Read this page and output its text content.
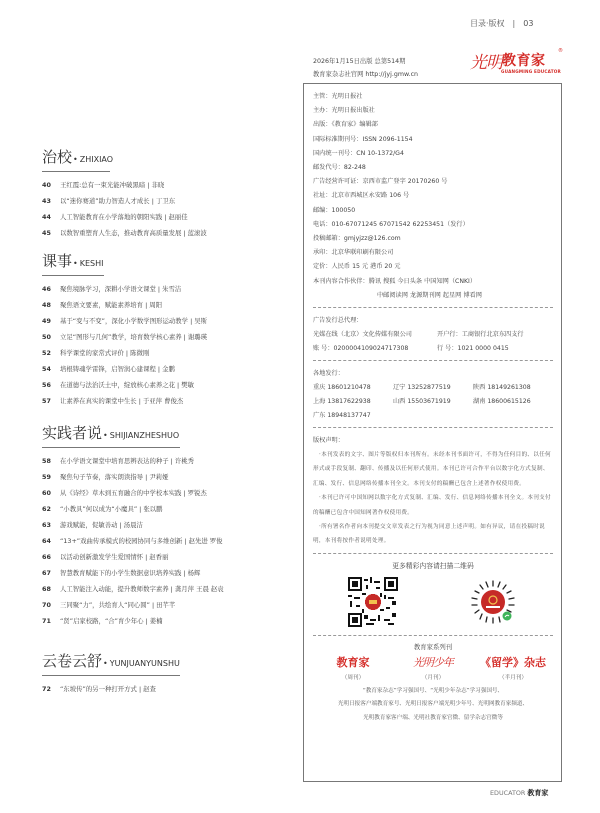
目录·版权 | 03
2026年1月15日出版 总第514期
教育家杂志社官网 http://jyj.gmw.cn
光明 教育家
®
GUANGMING EDUCATOR
治校• ZHIXIAO
40 王红霞:总有一束光能冲破黑暗 | 非晓
43 以“迷你赛道”助力智造人才成长 | 丁卫东
44 人工智能教育在小学落地的朝阳实践 | 赵丽佳
45 以数智重塑育人生态，推动教育高质量发展 | 蓝滚波
课事• KESHI
46 聚焦境脉学习，深耕小学语文课堂 | 朱雪洁
48 聚焦语文要素，赋能素养培育 | 周阳
49 基于“变与不变”，深化小学数学图形运动教学 | 吴斯
50 立足“图形与几何”教学，培育数学核心素养 | 谢璐瑛
52 科学课堂的家常式评价 | 陈微刚
54 培根铸魂学雷锋，启智润心建课程 | 金鹏
56 在道德与法治沃土中，绽放核心素养之花 | 樊敏
57 让素养在真实的课堂中生长 | 于亚萍 曹俊杰
实践者说• SHIJIANZHESHUO
58 在小学语文课堂中培育思辨表达的种子 | 许桃秀
59 聚焦句子节奏，落实朗读指导 | 尹莉娅
60 从《诗经》草木到五育融合的中学校本实践 | 罗锐杰
62 “小教具”何以成为“小魔具” | 张以鹏
63 游戏赋能，促敏善动 | 汤晨洁
64 “13+”戏曲传承模式的校园协同与多维创新 | 赵先进 罗俊
66 以活动创新激发学生爱国情怀 | 赵香丽
67 智慧教育赋能下的小学生数据意识培养实践 | 杨辉
68 人工智能注入动能，提升教师数字素养 | 龚月萍 王晨 赵袁
70 三同聚“力”，共绘育人“同心圆” | 田芊芊
71 “贤”启家校路，“合”育少年心 | 姜楠
云卷云舒• YUNJUANYUNSHU
72 “东坡传”的另一种打开方式 | 赵查
主管：光明日报社
主办：光明日报出版社
出版：《教育家》编辑部
国际标准期刊号：ISSN 2096-1154
国内统一刊号：CN 10-1372/G4
邮发代号：82-248
广告经营许可证：京西市监广登字 20170260 号
社址：北京市西城区永安路 106 号
邮编：100050
电话：010-67071245 67071542 62253451（发行）
投稿邮箱：gmjyjzz@126.com
承印：北京华联印刷有限公司
定价：人民币 15 元 港币 20 元
本刊内容合作伙伴：腾讯 搜狐 今日头条 中国知网（CNKI）
中邮阅读网 龙源期刊网 起星网 博看网
广告发行总代理：
光媒在线（北京）文化传媒有限公司	开户行：工商银行北京东四支行
账 号：0200004109024717308	行 号：1021 0000 0415
各地发行：
重庆 18601210478	辽宁 13252877519	陕西 18149261308
上海 13817622938	山西 15503671919	湖南 18600615126
广东 18948137747
版权声明：
·本刊发表的文字、图片等版权归本刊所有。未经本刊书面许可，不得为任何目的、以任何形式或手段复制、翻印、传播及以任何形式使用。本刊已许可合作平台以数字化方式复制、汇编、发行、信息网络传播本刊全文。本刊支付的稿酬已包含上述著作权使用费。
·本刊已许可中国知网以数字化方式复制、汇编、发行、信息网络传播本刊全文。本刊支付的稿酬已包含中国知网著作权使用费。
·所有署名作者向本刊提交文章发表之行为视为同意上述声明。如有异议，请在投稿时说明，本刊将按作者说明处理。
更多精彩内容请扫描二维码
教育家系列刊
教育家
（周刊）
光明少年
（月刊）
《留学》杂志
（半月刊）
“教育家杂志”学习强国号、“光明少年杂志”学习强国号、
光明日报客户端教育家号、光明日报客户端光明少年号、光明网教育家频道、
光明教育家客户端、光明社教育家官微、留学杂志官微等
EDUCATOR 教育家
